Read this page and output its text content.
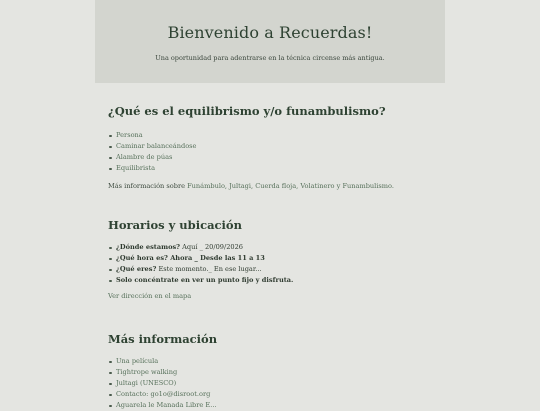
Bienvenido a Recuerdas!

Una oportunidad para adentrarse en la técnica circense más antigua.

¿Qué es el equilibrismo y/o funambulismo?
Persona
Caminar balanceándose
Alambre de púas
Equilibrista

Más información sobre Funámbulo, Jultagi, Cuerda floja, Volatinero y Funambulismo.

Horarios y ubicación
¿Dónde estamos? Aquí _ 20/09/2026
¿Qué hora es? Ahora _ Desde las 11 a 13
¿Qué eres? Este momento._ En ese lugar...
Solo concéntrate en ver un punto fijo y disfruta.

Ver dirección en el mapa

Más información
Una película
Tightrope walking
Jultagi (UNESCO)
Contacto: go1o@disroot.org
Aguarela le Manada Libre E...
